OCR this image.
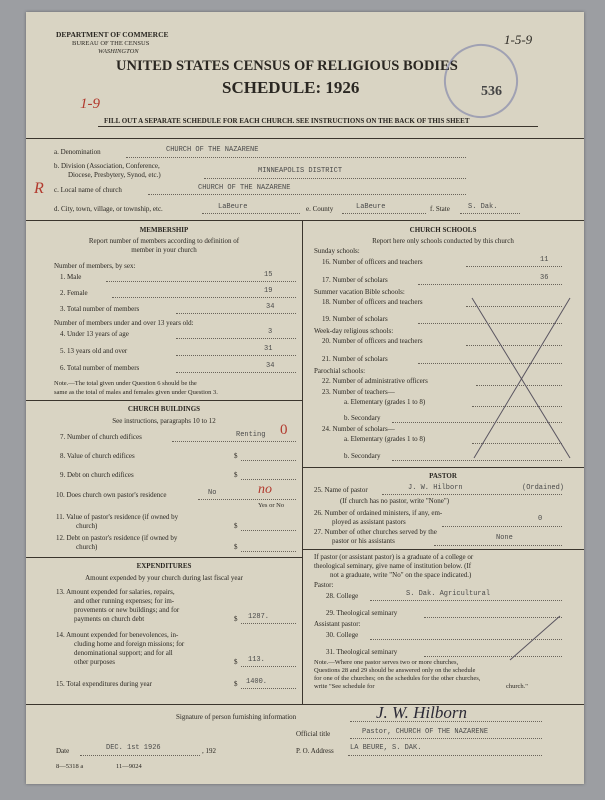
DEPARTMENT OF COMMERCE
BUREAU OF THE CENSUS
WASHINGTON
UNITED STATES CENSUS OF RELIGIOUS BODIES
SCHEDULE: 1926
1-9
1-5-9
536
FILL OUT A SEPARATE SCHEDULE FOR EACH CHURCH. SEE INSTRUCTIONS ON THE BACK OF THIS SHEET
R
a. Denomination	CHURCH OF THE NAZARENE
b. Division (Association, Conference,
Diocese, Presbytery, Synod, etc.)	MINNEAPOLIS DISTRICT
c. Local name of church	CHURCH OF THE NAZARENE
d. City, town, village, or township, etc.	LaBeure	e. County	LaBeure	f. State	S. Dak.
MEMBERSHIP
Report number of members according to definition of
member in your church
Number of members, by sex:
1. Male	15
2. Female	19
3. Total number of members	34
Number of members under and over 13 years old:
4. Under 13 years of age	3
5. 13 years old and over	31
6. Total number of members	34
Note.—The total given under Question 6 should be the
same as the total of males and females given under Question 3.
CHURCH BUILDINGS
See instructions, paragraphs 10 to 12
7. Number of church edifices	Renting 0
8. Value of church edifices	$
9. Debt on church edifices	$
10. Does church own pastor's residence	No	no
Yes or No
11. Value of pastor's residence (if owned by
church)	$
12. Debt on pastor's residence (if owned by
church)	$
EXPENDITURES
Amount expended by your church during last fiscal year
13. Amount expended for salaries, repairs,
and other running expenses; for im-
provements or new buildings; and for
payments on church debt	$ 1287.
14. Amount expended for benevolences, in-
cluding home and foreign missions; for
denominational support; and for all
other purposes	$ 113.
15. Total expenditures during year	$ 1400.
CHURCH SCHOOLS
Report here only schools conducted by this church
Sunday schools:
16. Number of officers and teachers	11
17. Number of scholars	36
Summer vacation Bible schools:
18. Number of officers and teachers
19. Number of scholars
Week-day religious schools:
20. Number of officers and teachers
21. Number of scholars
Parochial schools:
22. Number of administrative officers
23. Number of teachers—
a. Elementary (grades 1 to 8)
b. Secondary
24. Number of scholars—
a. Elementary (grades 1 to 8)
b. Secondary
PASTOR
25. Name of pastor	J. W. Hilborn	(Ordained)
(If church has no pastor, write "None")
26. Number of ordained ministers, if any, em-
ployed as assistant pastors	0
27. Number of other churches served by the
pastor or his assistants	None
If pastor (or assistant pastor) is a graduate of a college or
theological seminary, give name of institution below. (If
not a graduate, write "No" on the space indicated.)
Pastor:
28. College	S. Dak. Agricultural
29. Theological seminary
Assistant pastor:
30. College
31. Theological seminary
Note.—Where one pastor serves two or more churches,
Questions 28 and 29 should be answered only on the schedule
for one of the churches; on the schedules for the other churches,
write "See schedule for	church."
Signature of person furnishing information	J. W. Hilborn
Official title	Pastor, CHURCH OF THE NAZARENE
Date	DEC. 1st 1926	, 192	P. O. Address LA BEURE, S. DAK.
8—5318 a	11—9024
